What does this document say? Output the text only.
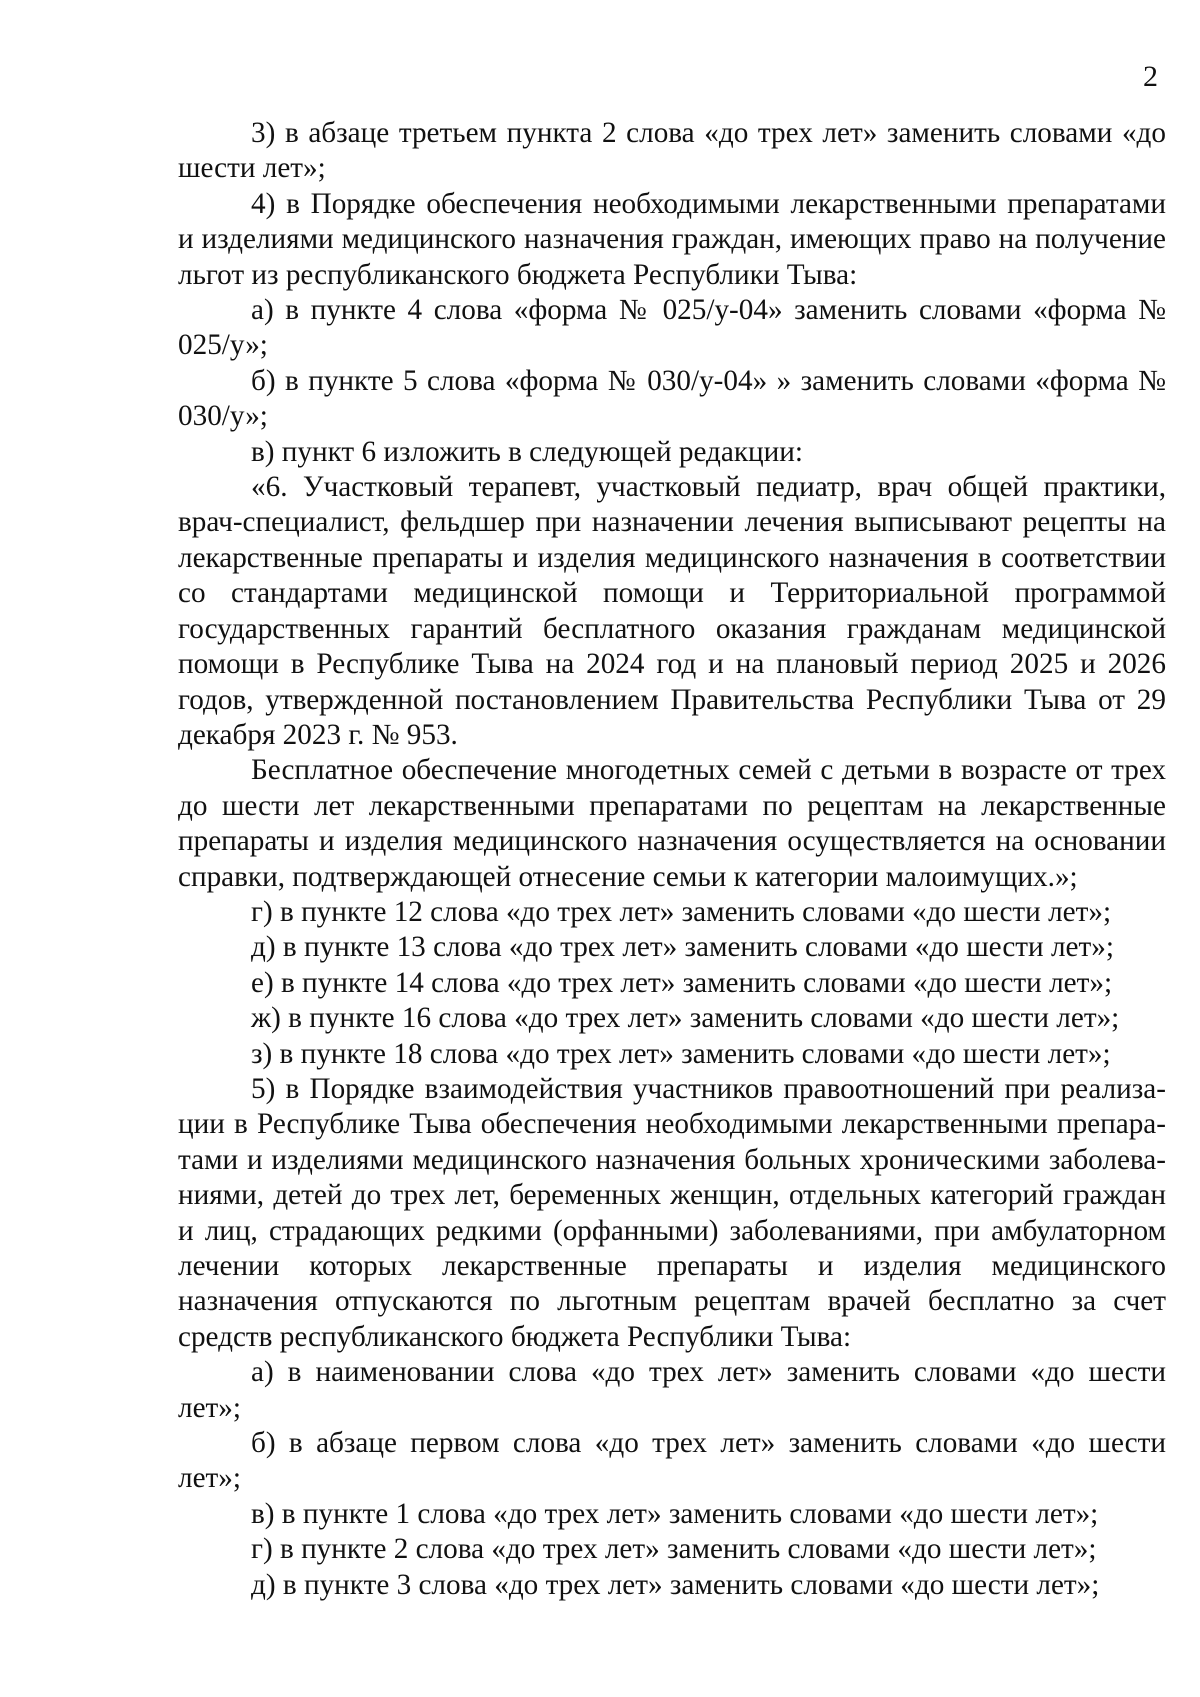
2

3) в абзаце третьем пункта 2 слова «до трех лет» заменить словами «до шести лет»;

4) в Порядке обеспечения необходимыми лекарственными препаратами и изделиями медицинского назначения граждан, имеющих право на получение льгот из республиканского бюджета Республики Тыва:

а) в пункте 4 слова «форма № 025/у-04» заменить словами «форма № 025/у»;

б) в пункте 5 слова «форма № 030/у-04» » заменить словами «форма № 030/у»;

в) пункт 6 изложить в следующей редакции:

«6. Участковый терапевт, участковый педиатр, врач общей практики, врач-специалист, фельдшер при назначении лечения выписывают рецепты на лекарственные препараты и изделия медицинского назначения в соответствии со стандартами медицинской помощи и Территориальной программой государственных гарантий бесплатного оказания гражданам медицинской помощи в Республике Тыва на 2024 год и на плановый период 2025 и 2026 годов, утвержденной постановлением Правительства Республики Тыва от 29 декабря 2023 г. № 953.

Бесплатное обеспечение многодетных семей с детьми в возрасте от трех до шести лет лекарственными препаратами по рецептам на лекарственные препараты и изделия медицинского назначения осуществляется на основании справки, подтверждающей отнесение семьи к категории малоимущих.»;

г) в пункте 12 слова «до трех лет» заменить словами «до шести лет»;

д) в пункте 13 слова «до трех лет» заменить словами «до шести лет»;

е) в пункте 14 слова «до трех лет» заменить словами «до шести лет»;

ж) в пункте 16 слова «до трех лет» заменить словами «до шести лет»;

з) в пункте 18 слова «до трех лет» заменить словами «до шести лет»;

5) в Порядке взаимодействия участников правоотношений при реализации в Республике Тыва обеспечения необходимыми лекарственными препаратами и изделиями медицинского назначения больных хроническими заболеваниями, детей до трех лет, беременных женщин, отдельных категорий граждан и лиц, страдающих редкими (орфанными) заболеваниями, при амбулаторном лечении которых лекарственные препараты и изделия медицинского назначения отпускаются по льготным рецептам врачей бесплатно за счет средств республиканского бюджета Республики Тыва:

а) в наименовании слова «до трех лет» заменить словами «до шести лет»;

б) в абзаце первом слова «до трех лет» заменить словами «до шести лет»;

в) в пункте 1 слова «до трех лет» заменить словами «до шести лет»;

г) в пункте 2 слова «до трех лет» заменить словами «до шести лет»;

д) в пункте 3 слова «до трех лет» заменить словами «до шести лет»;
